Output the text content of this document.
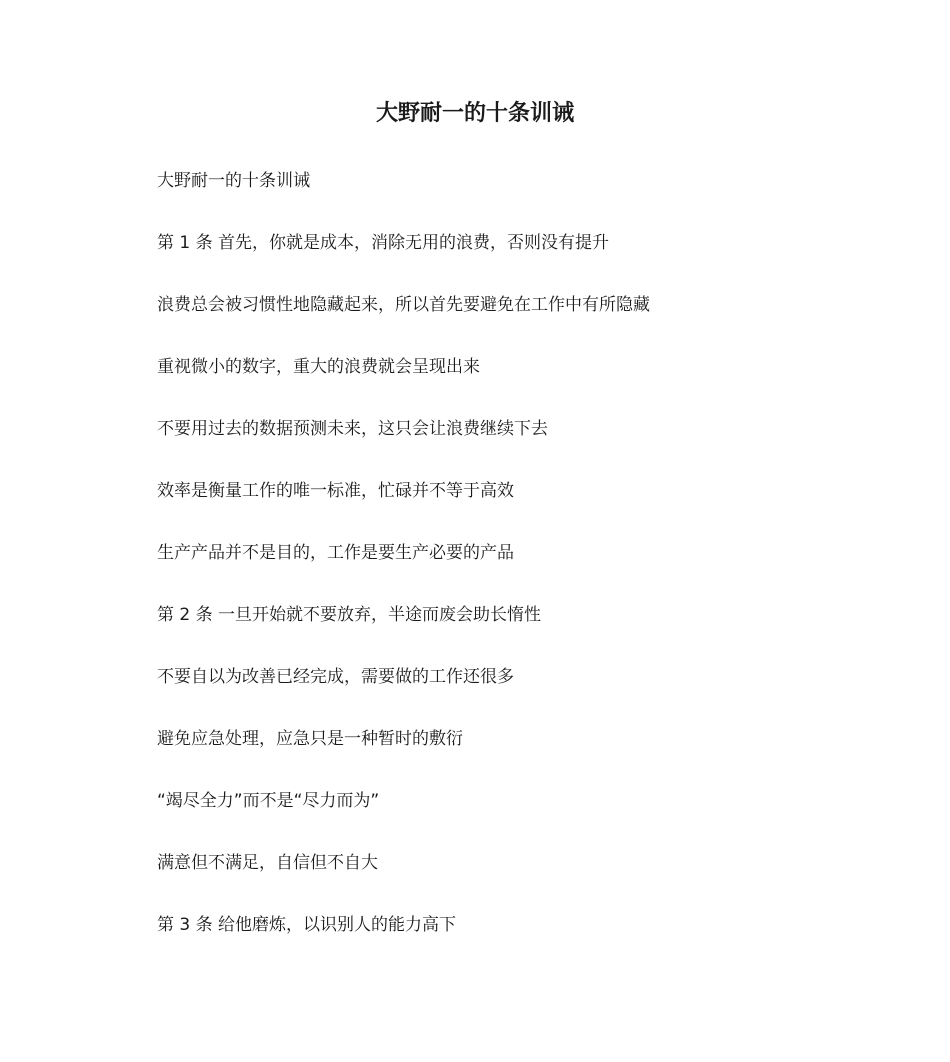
大野耐一的十条训诫

大野耐一的十条训诫

第 1 条 首先，你就是成本，消除无用的浪费，否则没有提升

浪费总会被习惯性地隐藏起来，所以首先要避免在工作中有所隐藏

重视微小的数字，重大的浪费就会呈现出来

不要用过去的数据预测未来，这只会让浪费继续下去

效率是衡量工作的唯一标准，忙碌并不等于高效

生产产品并不是目的，工作是要生产必要的产品

第 2 条 一旦开始就不要放弃，半途而废会助长惰性

不要自以为改善已经完成，需要做的工作还很多

避免应急处理，应急只是一种暂时的敷衍

“竭尽全力”而不是“尽力而为”

满意但不满足，自信但不自大

第 3 条 给他磨炼，以识别人的能力高下
